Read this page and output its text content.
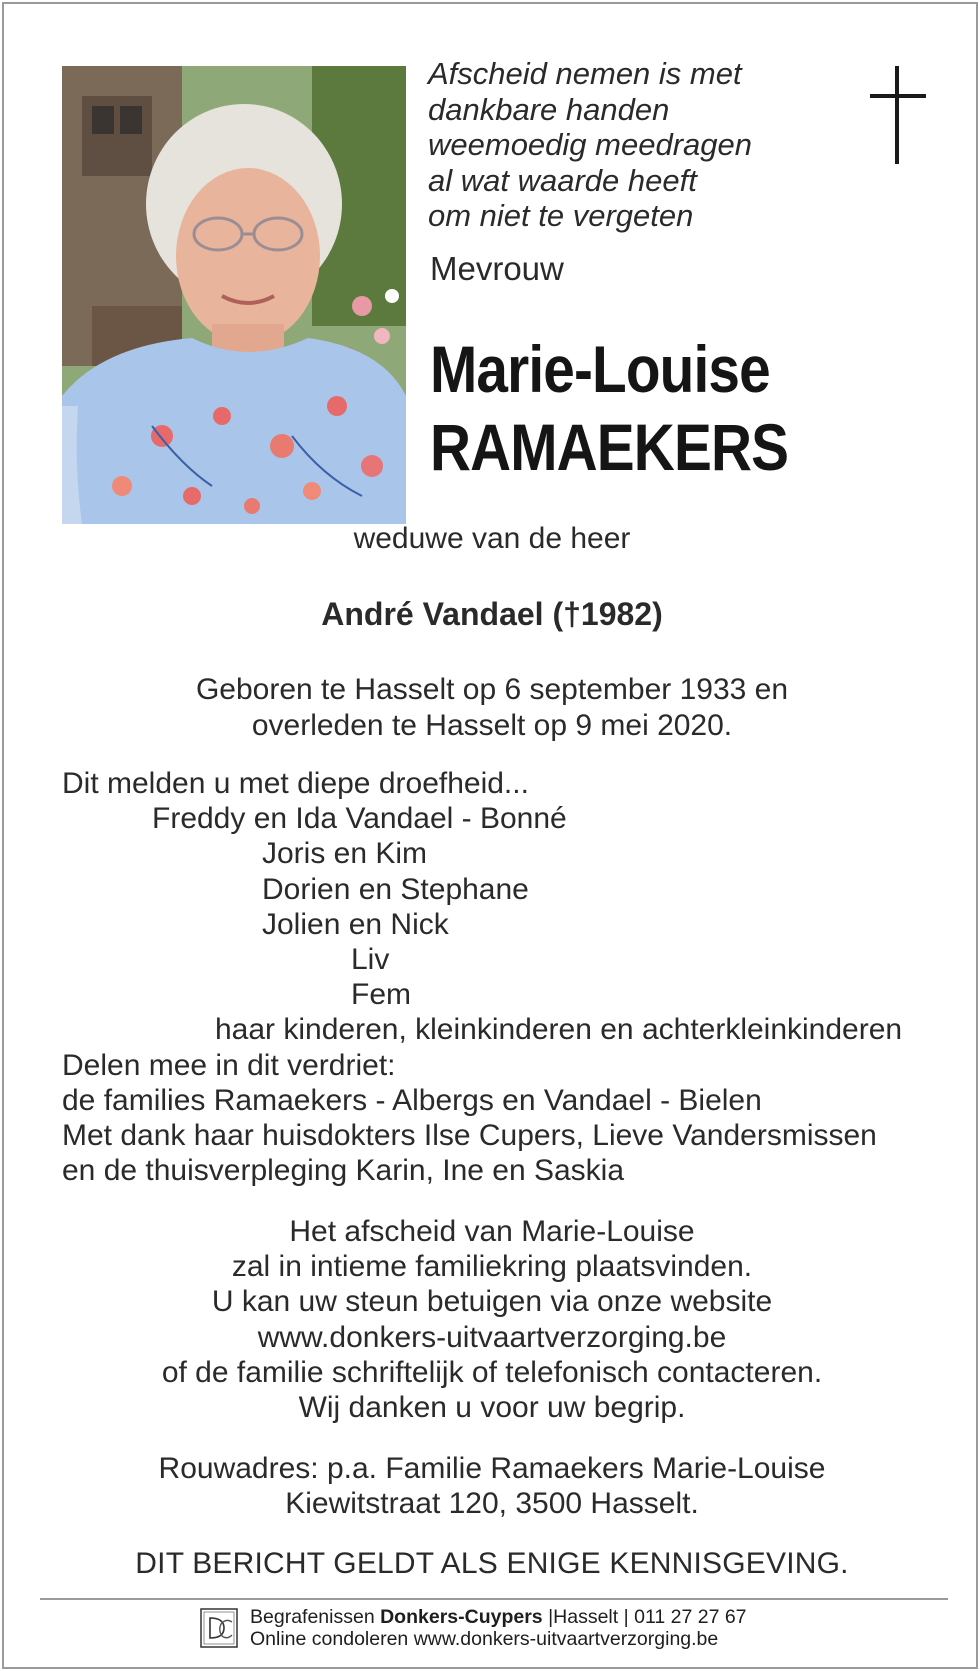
Afscheid nemen is met
dankbare handen
weemoedig meedragen
al wat waarde heeft
om niet te vergeten
Mevrouw
Marie-Louise
RAMAEKERS
weduwe van de heer
André Vandael (†1982)
Geboren te Hasselt op 6 september 1933 en
overleden te Hasselt op 9 mei 2020.
Dit melden u met diepe droefheid...
Freddy en Ida Vandael - Bonné
Joris en Kim
Dorien en Stephane
Jolien en Nick
Liv
Fem
haar kinderen, kleinkinderen en achterkleinkinderen
Delen mee in dit verdriet:
de families Ramaekers - Albergs en Vandael - Bielen
Met dank haar huisdokters Ilse Cupers, Lieve Vandersmissen
en de thuisverpleging Karin, Ine en Saskia
Het afscheid van Marie-Louise
zal in intieme familiekring plaatsvinden.
U kan uw steun betuigen via onze website
www.donkers-uitvaartverzorging.be
of de familie schriftelijk of telefonisch contacteren.
Wij danken u voor uw begrip.
Rouwadres: p.a. Familie Ramaekers Marie-Louise
Kiewitstraat 120, 3500 Hasselt.
DIT BERICHT GELDT ALS ENIGE KENNISGEVING.
Begrafenissen Donkers-Cuypers |Hasselt | 011 27 27 67
Online condoleren www.donkers-uitvaartverzorging.be
